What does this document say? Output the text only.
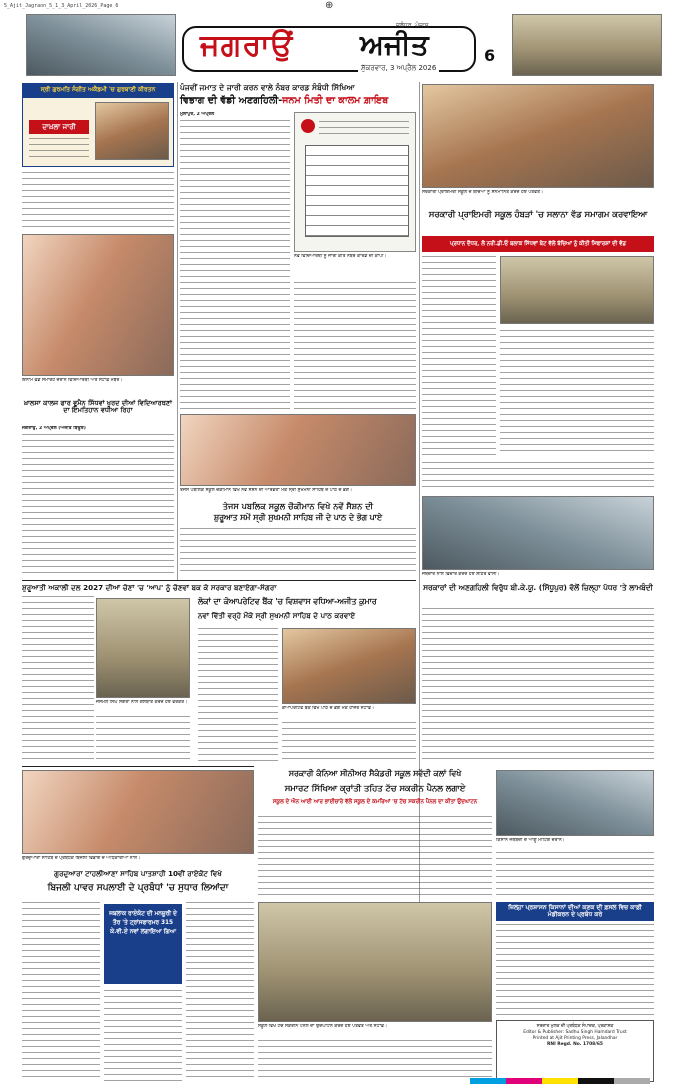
5_Ajit_Jagraon_5_1_3_April_2026_Page 6	⊕
ਜਗਰਾਉਂ ਅਜੀਤ
ਜਲੰਧਰ, ਪੰਜਾਬ
ਸ਼ੁੱਕਰਵਾਰ, 3 ਅਪ੍ਰੈਲ 2026
6
ਸ੍ਰੀ ਗੁਰਮਤਿ ਸੰਗੀਤ ਅਕੈਡਮੀ 'ਚ ਗੁਰਬਾਣੀ ਕੀਰਤਨ
ਦਾਖ਼ਲਾ ਜਾਰੀ
ਇਨਾਮ ਵੰਡ ਸਮਾਰੋਹ ਦੌਰਾਨ ਵਿਦਿਆਰਥੀ ਅਤੇ ਸਟਾਫ਼ ਮੈਂਬਰ।
ਖ਼ਾਲਸਾ ਕਾਲਜ ਫਾਰ ਵੂਮੈਨ ਸਿੱਧਵਾਂ ਖੁਰਦ ਦੀਆਂ ਵਿਦਿਆਰਥਣਾਂ ਦਾ ਇਮਤਿਹਾਨ ਵਧੀਆ ਰਿਹਾ
ਜਗਰਾਉਂ, 2 ਅਪ੍ਰੈਲ (ਅਜੀਤ ਬਿਊਰੋ)
ਪੰਜਵੀਂ ਜਮਾਤ ਦੇ ਜਾਰੀ ਕਰਨ ਵਾਲੇ ਨੰਬਰ ਕਾਰਡ ਸੰਬੰਧੀ ਸਿੱਖਿਆ
ਵਿਭਾਗ ਦੀ ਵੱਡੀ ਅਣਗਹਿਲੀ-ਜਨਮ ਮਿਤੀ ਦਾ ਕਾਲਮ ਗ਼ਾਇਬ
ਮੁੱਲਾਂਪੁਰ, 2 ਅਪ੍ਰੈਲ
ਨਵ ਵਿਦਿਆਰਥੀ ਨੂੰ ਜਾਰੀ ਕੀਤੇ ਨੰਬਰ ਕਾਰਡ ਦੀ ਕਾਪੀ।
ਸਰਕਾਰੀ ਪ੍ਰਾਇਮਰੀ ਸਕੂਲ ਦੇ ਬੱਚਿਆਂ ਨੂੰ ਸਨਮਾਨਿਤ ਕਰਦੇ ਹੋਏ ਪਤਵੰਤੇ।
ਸਰਕਾਰੀ ਪ੍ਰਾਇਮਰੀ ਸਕੂਲ ਹੰਬੜਾਂ 'ਚ ਸਲਾਨਾ ਵੱਡ ਸਮਾਗਮ ਕਰਵਾਇਆ
ਪ੍ਰਧਾਨ ਦੌਧਰ, ਲੋਂ ਨਰੀ.ਡੀ.ਓ ਬਲਾਕ ਸਿੱਧਵਾਂ ਬੇਟ ਵੱਲੋਂ ਬੱਚਿਆਂ ਨੂੰ ਕੀਤੀ ਸਿਫਾਰਸ਼ਾਂ ਦੀ ਵੰਡ
ਤੇਜਸ ਪਬਲਿਕ ਸਕੂਲ ਚੌਕੀਮਾਨ ਵਿਖੇ ਨਵੇਂ ਸੈਸ਼ਨ ਦੀ ਆਰੰਭਤਾ ਮੌਕੇ ਸ੍ਰੀ ਸੁਖਮਨੀ ਸਾਹਿਬ ਦੇ ਪਾਠ ਦੇ ਭੋਗ।
ਤੇਜਸ ਪਬਲਿਕ ਸਕੂਲ ਚੌਕੀਮਾਨ ਵਿਖੇ ਨਵੇਂ ਸੈਸ਼ਨ ਦੀ
ਸ਼ੁਰੂਆਤ ਸਮੇਂ ਸ੍ਰੀ ਸੁਖਮਨੀ ਸਾਹਿਬ ਜੀ ਦੇ ਪਾਠ ਦੇ ਭੋਗ ਪਾਏ
ਜਥੇਦਾਰ ਨਾਲ ਵਿਚਾਰ ਕਰਦੇ ਹੋਏ ਸ਼ਹਿਰ ਵਾਸੀ।
ਸਰਕਾਰਾਂ ਦੀ ਅਣਗਹਿਲੀ ਵਿਰੁੱਧ ਬੀ.ਕੇ.ਯੂ. (ਸਿੱਧੂਪੁਰ) ਵੱਲੋਂ ਜ਼ਿਲ੍ਹਾ ਪੱਧਰ 'ਤੇ ਲਾਮਬੰਦੀ
ਸ਼ੁਰੂਆਤੀ ਅਕਾਲੀ ਦਲ 2027 ਦੀਆਂ ਚੋਣਾਂ 'ਚ 'ਆਪ' ਨੂੰ ਚੋਣਵਾਂ ਬਕ ਕੇ ਸਰਕਾਰ ਬਣਾਏਗਾ-ਸੰਗਰਾ
ਜਸਮੇਲ ਸਿੰਘ ਸੰਗਰਾ ਨਾਲ ਗੱਲਬਾਤ ਕਰਦੇ ਹੋਏ ਵਰਕਰ।
ਲੋਕਾਂ ਦਾ ਕੋਆਪਰੇਟਿਵ ਬੈਂਕ 'ਚ ਵਿਸ਼ਵਾਸ ਵਧਿਆ-ਅਜੀਤ ਕੁਮਾਰ
ਨਵਾਂ ਵਿੱਤੀ ਵਰ੍ਹੇ ਮੌਕੇ ਸ੍ਰੀ ਸੁਖਮਨੀ ਸਾਹਿਬ ਦੇ ਪਾਠ ਕਰਵਾਏ
ਕੋਆਪਰੇਟਿਵ ਬੈਂਕ ਵਿਖੇ ਪਾਠ ਦੇ ਭੋਗ ਮੌਕੇ ਹਾਜ਼ਰ ਸਟਾਫ਼।
ਗੁਰਦੁਆਰਾ ਸਾਹਿਬ ਦੇ ਪ੍ਰਬੰਧਕ ਬਿਜਲੀ ਵਿਭਾਗ ਦੇ ਅਧਿਕਾਰੀਆਂ ਨਾਲ।
ਗੁਰਦੁਆਰਾ ਟਾਹਲੀਆਣਾ ਸਾਹਿਬ ਪਾਤਸ਼ਾਹੀ 10ਵੀਂ ਰਾਏਕੋਟ ਵਿਖੇ
ਬਿਜਲੀ ਪਾਵਰ ਸਪਲਾਈ ਦੇ ਪ੍ਰਬੰਧਾਂ 'ਚ ਸੁਧਾਰ ਲਿਆਂਦਾ
ਜਬਲਾਕ ਰਾਏਕੋਟ ਦੀ ਮਨਜ਼ੂਰੀ ਦੇ ਤੌਰ 'ਤੇ ਟ੍ਰਾਂਸਫਾਰਮਰ 315 ਕੇ.ਵੀ.ਏ ਨਵਾਂ ਲਗਾਇਆ ਗਿਆ
ਸਰਕਾਰੀ ਕੰਨਿਆ ਸੀਨੀਅਰ ਸੈਕੰਡਰੀ ਸਕੂਲ ਸਵੱਦੀ ਕਲਾਂ ਵਿਖੇ
ਸਮਾਰਟ ਸਿੱਖਿਆ ਕ੍ਰਾਂਤੀ ਤਹਿਤ ਟੱਚ ਸਕਰੀਨ ਪੈਨਲ ਲਗਾਏ
ਸਕੂਲ ਦੇ ਐਨ ਆਈ ਆਰ ਭਾਈਚਾਰੇ ਵੱਲੋਂ ਸਕੂਲ ਦੇ ਕਮਰਿਆਂ 'ਚ ਟੱਚ ਸਕਰੀਨ ਪੈਨਲ ਦਾ ਕੀਤਾ ਉਦਘਾਟਨ
ਸਕੂਲ ਵਿਖੇ ਟੱਚ ਸਕਰੀਨ ਪੈਨਲ ਦਾ ਉਦਘਾਟਨ ਕਰਦੇ ਹੋਏ ਪਤਵੰਤੇ ਅਤੇ ਸਟਾਫ਼।
ਕਿਸਾਨ ਜਥੇਬੰਦੀ ਦੇ ਆਗੂ ਮੀਟਿੰਗ ਦੌਰਾਨ।
ਜ਼ਿਲ੍ਹਾ ਪ੍ਰਸ਼ਾਸਨ ਕਿਸਾਨਾਂ ਦੀਆਂ ਕਣਕ ਦੀ ਫ਼ਸਲ ਵਿਚ ਕਾਫ਼ੀ ਮੰਡੀਕਰਨ ਦੇ ਪ੍ਰਬੰਧ ਕਰੇ
ਸਰਦਾਰ ਮੁਲਕ ਦੀ ਪ੍ਰਬੰਧਕ ਸੰਪਾਦਕ, ਪ੍ਰਕਾਸ਼ਕ
Editor & Publisher: Sadhu Singh Hamdard Trust
Printed at Ajit Printing Press, Jalandhar
RNI Regd. No. 1708/65
